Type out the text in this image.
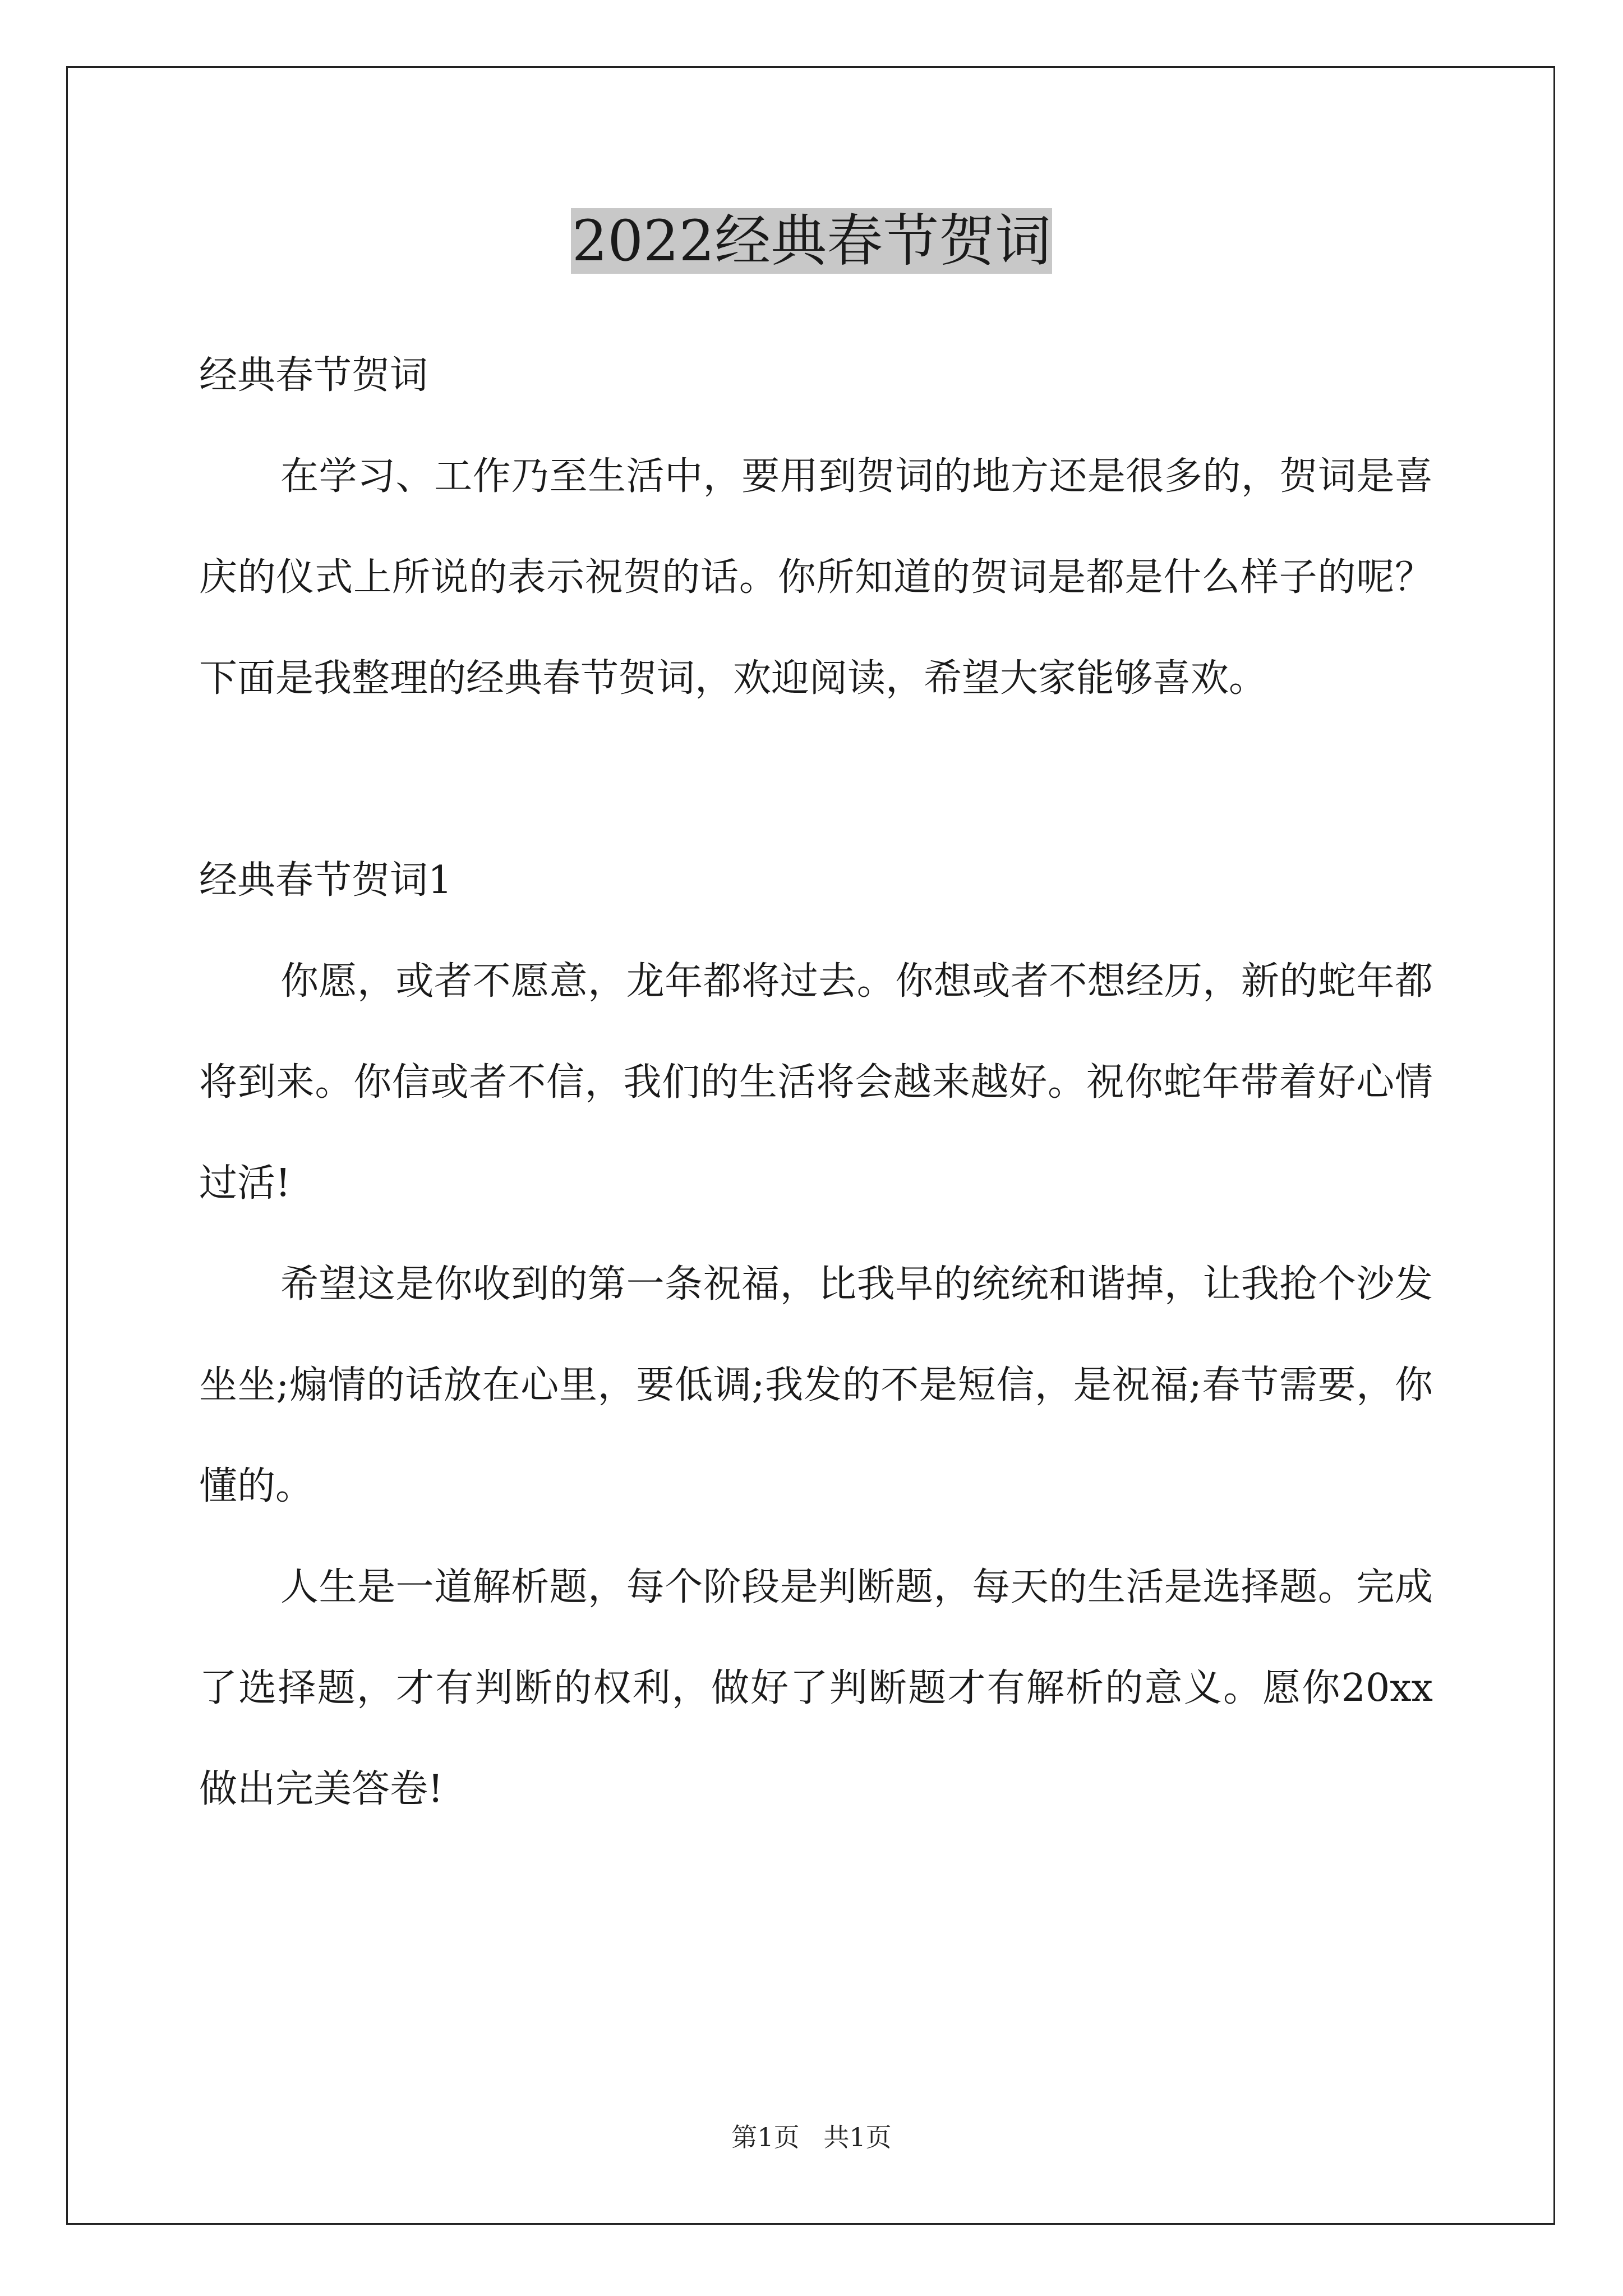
2022经典春节贺词

经典春节贺词

在学习、工作乃至生活中，要用到贺词的地方还是很多的，贺词是喜庆的仪式上所说的表示祝贺的话。你所知道的贺词是都是什么样子的呢？下面是我整理的经典春节贺词，欢迎阅读，希望大家能够喜欢。

经典春节贺词1

你愿，或者不愿意，龙年都将过去。你想或者不想经历，新的蛇年都将到来。你信或者不信，我们的生活将会越来越好。祝你蛇年带着好心情过活!

希望这是你收到的第一条祝福，比我早的统统和谐掉，让我抢个沙发坐坐;煽情的话放在心里，要低调;我发的不是短信，是祝福;春节需要，你懂的。

人生是一道解析题，每个阶段是判断题，每天的生活是选择题。完成了选择题，才有判断的权利，做好了判断题才有解析的意义。愿你20xx做出完美答卷!

第1页 共1页
